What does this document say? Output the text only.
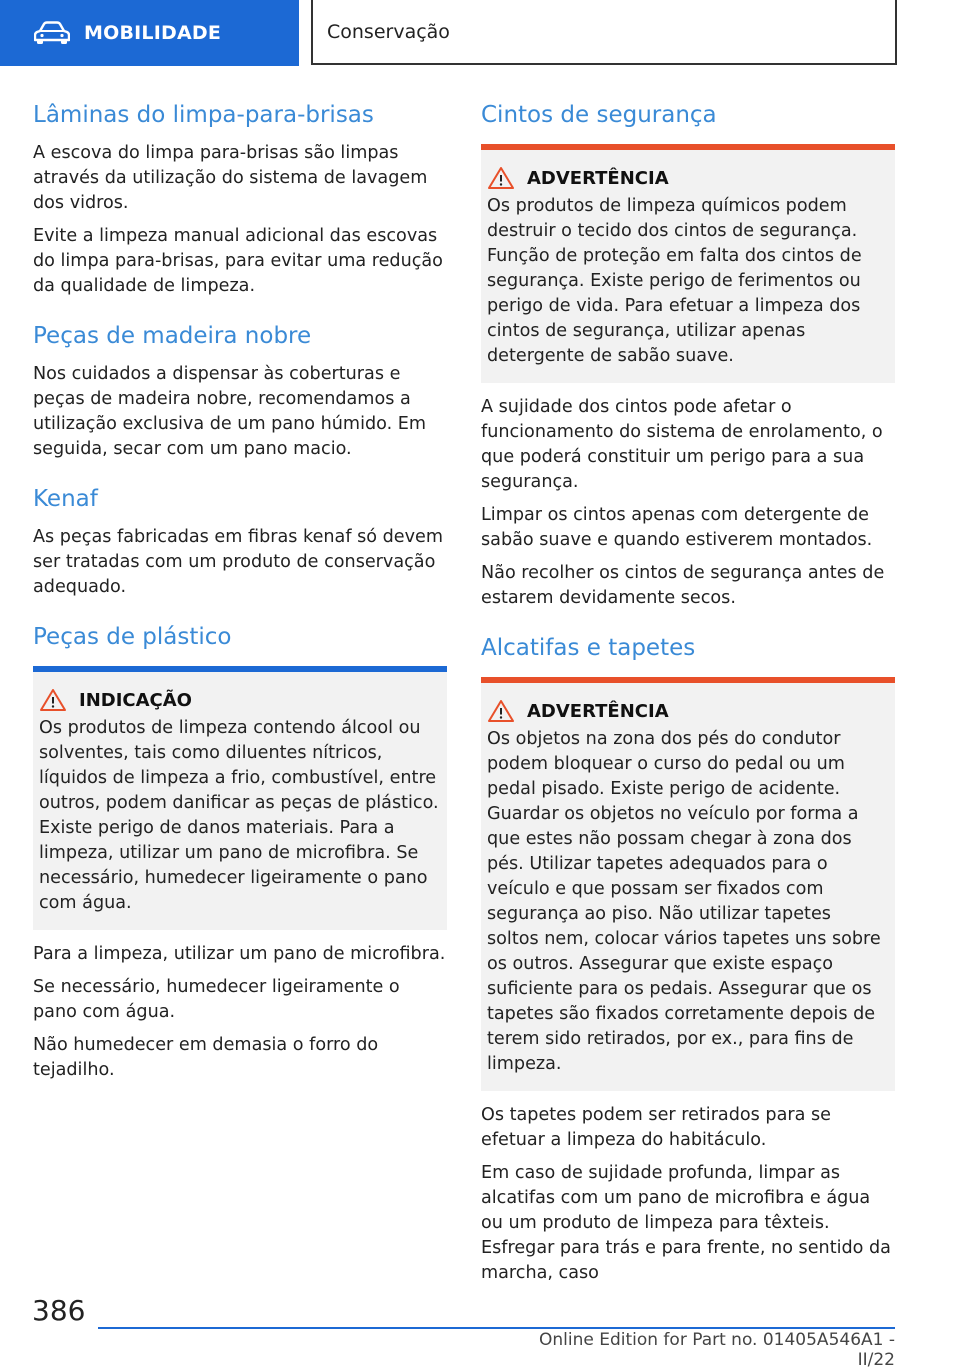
MOBILIDADE	Conservação
Lâminas do limpa-para-brisas

A escova do limpa para-brisas são limpas através da utilização do sistema de lavagem dos vidros.

Evite a limpeza manual adicional das escovas do limpa para-brisas, para evitar uma redução da qualidade de limpeza.

Peças de madeira nobre

Nos cuidados a dispensar às coberturas e peças de madeira nobre, recomendamos a utilização exclusiva de um pano húmido. Em seguida, secar com um pano macio.

Kenaf

As peças fabricadas em fibras kenaf só devem ser tratadas com um produto de conservação adequado.

Peças de plástico
INDICAÇÃO

Os produtos de limpeza contendo álcool ou solventes, tais como diluentes nítricos, líquidos de limpeza a frio, combustível, entre outros, podem danificar as peças de plástico. Existe perigo de danos materiais. Para a limpeza, utilizar um pano de microfibra. Se necessário, humedecer ligeiramente o pano com água.

Para a limpeza, utilizar um pano de microfibra.

Se necessário, humedecer ligeiramente o pano com água.

Não humedecer em demasia o forro do tejadilho.

Cintos de segurança
ADVERTÊNCIA

Os produtos de limpeza químicos podem destruir o tecido dos cintos de segurança. Função de proteção em falta dos cintos de segurança. Existe perigo de ferimentos ou perigo de vida. Para efetuar a limpeza dos cintos de segurança, utilizar apenas detergente de sabão suave.

A sujidade dos cintos pode afetar o funcionamento do sistema de enrolamento, o que poderá constituir um perigo para a sua segurança.

Limpar os cintos apenas com detergente de sabão suave e quando estiverem montados.

Não recolher os cintos de segurança antes de estarem devidamente secos.

Alcatifas e tapetes
ADVERTÊNCIA

Os objetos na zona dos pés do condutor podem bloquear o curso do pedal ou um pedal pisado. Existe perigo de acidente. Guardar os objetos no veículo por forma a que estes não possam chegar à zona dos pés. Utilizar tapetes adequados para o veículo e que possam ser fixados com segurança ao piso. Não utilizar tapetes soltos nem, colocar vários tapetes uns sobre os outros. Assegurar que existe espaço suficiente para os pedais. Assegurar que os tapetes são fixados corretamente depois de terem sido retirados, por ex., para fins de limpeza.

Os tapetes podem ser retirados para se efetuar a limpeza do habitáculo.

Em caso de sujidade profunda, limpar as alcatifas com um pano de microfibra e água ou um produto de limpeza para têxteis. Esfregar para trás e para frente, no sentido da marcha, caso

386
Online Edition for Part no. 01405A546A1 - II/22
